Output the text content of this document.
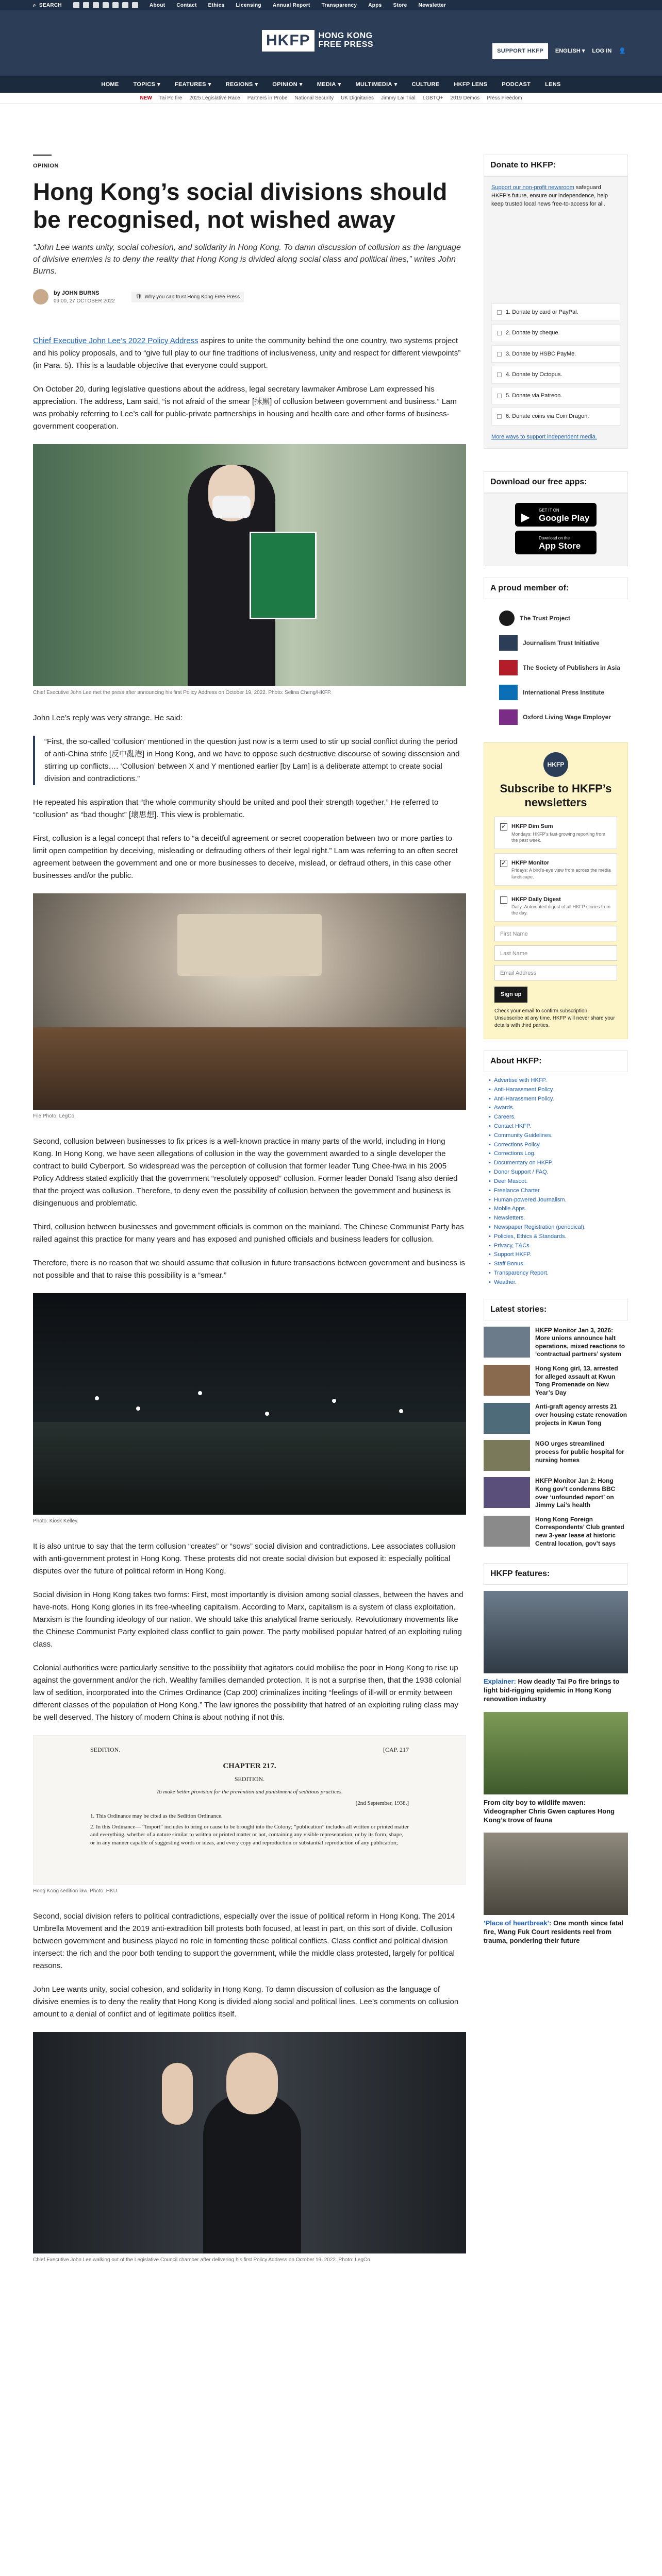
⌕ SEARCH	About Contact Ethics Licensing Annual Report Transparency Apps Store Newsletter
HKFP	HONG KONG
FREE PRESS
SUPPORT HKFP	ENGLISH ▾ LOG IN 👤
HOME	TOPICS ▾	FEATURES ▾	REGIONS ▾	OPINION ▾	MEDIA ▾	MULTIMEDIA ▾	CULTURE	HKFP LENS	PODCAST	LENS
NEW Tai Po fire 2025 Legislative Race Partners in Probe National Security UK Dignitaries Jimmy Lai Trial LGBTQ+ 2019 Demos Press Freedom
OPINION
Hong Kong’s social divisions should be recognised, not wished away

“John Lee wants unity, social cohesion, and solidarity in Hong Kong. To damn discussion of collusion as the language of divisive enemies is to deny the reality that Hong Kong is divided along social class and political lines,” writes John Burns.

by JOHN BURNS
09:00, 27 OCTOBER 2022
🛡 Why you can trust Hong Kong Free Press

Chief Executive John Lee’s 2022 Policy Address aspires to unite the community behind the one country, two systems project and his policy proposals, and to “give full play to our fine traditions of inclusiveness, unity and respect for different viewpoints” (in Para. 5). This is a laudable objective that everyone could support.

On October 20, during legislative questions about the address, legal secretary lawmaker Ambrose Lam expressed his appreciation. The address, Lam said, “is not afraid of the smear [抹黑] of collusion between government and business.” Lam was probably referring to Lee’s call for public-private partnerships in housing and health care and other forms of business-government cooperation.

Chief Executive John Lee met the press after announcing his first Policy Address on October 19, 2022. Photo: Selina Cheng/HKFP.

John Lee’s reply was very strange. He said:

“First, the so-called ‘collusion’ mentioned in the question just now is a term used to stir up social conflict during the period of anti-China strife [反中亂港] in Hong Kong, and we have to oppose such destructive discourse of sowing dissension and stirring up conflicts…. ‘Collusion’ between X and Y mentioned earlier [by Lam] is a deliberate attempt to create social division and contradictions.”

He repeated his aspiration that “the whole community should be united and pool their strength together.” He referred to “collusion” as “bad thought” [壞思想]. This view is problematic.

First, collusion is a legal concept that refers to “a deceitful agreement or secret cooperation between two or more parties to limit open competition by deceiving, misleading or defrauding others of their legal right.” Lam was referring to an often secret agreement between the government and one or more businesses to deceive, mislead, or defraud others, in this case other businesses and/or the public.

File Photo: LegCo.

Second, collusion between businesses to fix prices is a well-known practice in many parts of the world, including in Hong Kong. In Hong Kong, we have seen allegations of collusion in the way the government awarded to a single developer the contract to build Cyberport. So widespread was the perception of collusion that former leader Tung Chee-hwa in his 2005 Policy Address stated explicitly that the government “resolutely opposed” collusion. Former leader Donald Tsang also denied that the project was collusion. Therefore, to deny even the possibility of collusion between the government and business is disingenuous and problematic.

Third, collusion between businesses and government officials is common on the mainland. The Chinese Communist Party has railed against this practice for many years and has exposed and punished officials and business leaders for collusion.

Therefore, there is no reason that we should assume that collusion in future transactions between government and business is not possible and that to raise this possibility is a “smear.”

Photo: Kiosk Kelley.

It is also untrue to say that the term collusion “creates” or “sows” social division and contradictions. Lee associates collusion with anti-government protest in Hong Kong. These protests did not create social division but exposed it: especially political disputes over the future of political reform in Hong Kong.

Social division in Hong Kong takes two forms: First, most importantly is division among social classes, between the haves and have-nots. Hong Kong glories in its free-wheeling capitalism. According to Marx, capitalism is a system of class exploitation. Marxism is the founding ideology of our nation. We should take this analytical frame seriously. Revolutionary movements like the Chinese Communist Party exploited class conflict to gain power. The party mobilised popular hatred of an exploiting ruling class.

Colonial authorities were particularly sensitive to the possibility that agitators could mobilise the poor in Hong Kong to rise up against the government and/or the rich. Wealthy families demanded protection. It is not a surprise then, that the 1938 colonial law of sedition, incorporated into the Crimes Ordinance (Cap 200) criminalizes inciting “feelings of ill-will or enmity between different classes of the population of Hong Kong.” The law ignores the possibility that hatred of an exploiting ruling class may be well deserved. The history of modern China is about nothing if not this.

SEDITION.	[CAP. 217
CHAPTER 217.
SEDITION.
To make better provision for the prevention and punishment of seditious practices.
[2nd September, 1938.]
1. This Ordinance may be cited as the Sedition Ordinance.
2. In this Ordinance— “Import” includes to bring or cause to be brought into the Colony; “publication” includes all written or printed matter and everything, whether of a nature similar to written or printed matter or not, containing any visible representation, or by its form, shape, or in any manner capable of suggesting words or ideas, and every copy and reproduction or substantial reproduction of any publication;
Hong Kong sedition law. Photo: HKU.

Second, social division refers to political contradictions, especially over the issue of political reform in Hong Kong. The 2014 Umbrella Movement and the 2019 anti-extradition bill protests both focused, at least in part, on this sort of divide. Collusion between government and business played no role in fomenting these political conflicts. Class conflict and political division intersect: the rich and the poor both tending to support the government, while the middle class protested, largely for political reasons.

John Lee wants unity, social cohesion, and solidarity in Hong Kong. To damn discussion of collusion as the language of divisive enemies is to deny the reality that Hong Kong is divided along social and political lines. Lee’s comments on collusion amount to a denial of conflict and of legitimate politics itself.

Chief Executive John Lee walking out of the Legislative Council chamber after delivering his first Policy Address on October 19, 2022. Photo: LegCo.
Donate to HKFP:

Support our non-profit newsroom safeguard HKFP’s future, ensure our independence, help keep trusted local news free-to-access for all.

1. Donate by card or PayPal.
2. Donate by cheque.
3. Donate by HSBC PayMe.
4. Donate by Octopus.
5. Donate via Patreon.
6. Donate coins via Coin Dragon.
More ways to support independent media.
Download our free apps:
▶
GET IT ON
Google Play
Download on the
App Store
A proud member of:
The Trust Project
Journalism Trust Initiative
The Society of Publishers in Asia
International Press Institute
Oxford Living Wage Employer
HKFP
Subscribe to HKFP’s newsletters
✓
HKFP Dim Sum
Mondays: HKFP’s fast-growing reporting from the past week.
✓
HKFP Monitor
Fridays: A bird’s-eye view from across the media landscape.
HKFP Daily Digest
Daily: Automated digest of all HKFP stories from the day.
First Name
Last Name
Email Address
Sign up
Check your email to confirm subscription. Unsubscribe at any time. HKFP will never share your details with third parties.
About HKFP:
• Advertise with HKFP.
• Anti-Harassment Policy.
• Anti-Harassment Policy.
• Awards.
• Careers.
• Contact HKFP.
• Community Guidelines.
• Corrections Policy.
• Corrections Log.
• Documentary on HKFP.
• Donor Support / FAQ.
• Deer Mascot.
• Freelance Charter.
• Human-powered Journalism.
• Mobile Apps.
• Newsletters.
• Newspaper Registration (periodical).
• Policies, Ethics & Standards.
• Privacy, T&Cs.
• Support HKFP.
• Staff Bonus.
• Transparency Report.
• Weather.
Latest stories:
HKFP Monitor Jan 3, 2026: More unions announce halt operations, mixed reactions to ‘contractual partners’ system
Hong Kong girl, 13, arrested for alleged assault at Kwun Tong Promenade on New Year’s Day
Anti-graft agency arrests 21 over housing estate renovation projects in Kwun Tong
NGO urges streamlined process for public hospital for nursing homes
HKFP Monitor Jan 2: Hong Kong gov’t condemns BBC over ‘unfounded report’ on Jimmy Lai’s health
Hong Kong Foreign Correspondents’ Club granted new 3-year lease at historic Central location, gov’t says
HKFP features:
Explainer: How deadly Tai Po fire brings to light bid-rigging epidemic in Hong Kong renovation industry
From city boy to wildlife maven: Videographer Chris Gwen captures Hong Kong’s trove of fauna
‘Place of heartbreak’: One month since fatal fire, Wang Fuk Court residents reel from trauma, pondering their future
